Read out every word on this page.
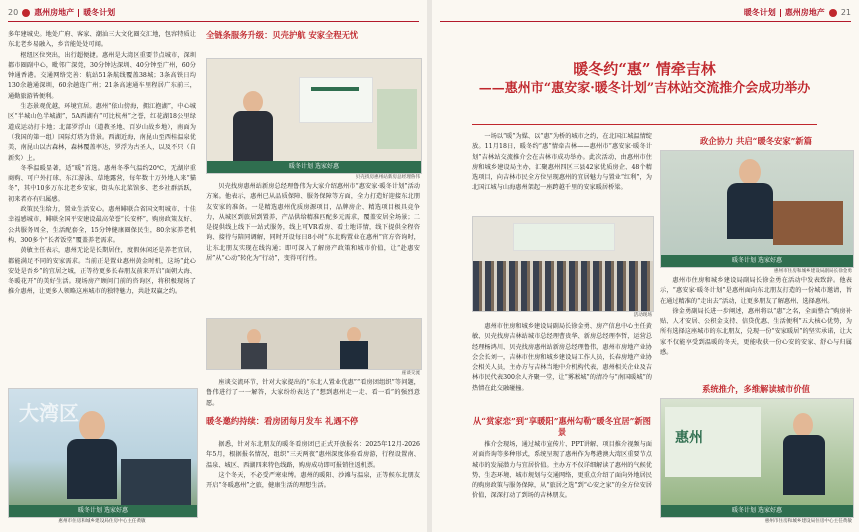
20 惠州房地产 暖冬计划

多年建城史。地处广府、客家、潮汕三大文化圈交汇地，包容特质让东北老乡易融入，乡音能处处可闻。

枢纽区位突出，出行超便捷。惠州是大湾区重要节点城市，深圳都市圈副中心，毗邻广深莞，30分钟达深圳、40分钟至广州，60分钟通香港。交通网络完善：航站51条航线覆盖38城；3条高铁日均130余趟通深圳，60余趟连广州；21条高速通车里程居广东前三，通勤旅游皆便利。

生态景观优越，环境宜居。惠州“依山傍海，拥江抱湖”，中心城区“半城山色半城湖”，5A西湖有“可比杭州”之誉，红花湖18公里绿道成运动打卡地；北部罗浮山（道教圣地、百岁山故乡地），南面为（我国的第一组）国际灯塔为背景。西湖近海，南昆山至西桂温泉优美，南昆山以古森林，森林覆盖率达，罗浮为古圣人，以及不只（自新奖）上。

冬季温暖显著，适“暖”首选。惠州冬季气温约20℃，无湖岸重商购、可户外打球、东江游泳、草地露营，每年数十万外地人来“猫冬”，其中10多万东北老乡安家，街头东北菜馆多、老乡社群活跃，初来者亦有归属感。

政策民生给力，置业生活安心。惠州鲱联合省国文明城市、十佳幸福感城市，鲱联全国平安建设最高荣誉“长安杯”，购房政策友好、公共服务周全，生活配套全，15分钟健康圈保民生，80余家养老机构、300多个“长者饭堂”覆盖养老需求。

黄敏主任表示，惠州无论是长期居住，度假休闲还是养老宜居，都能满足不同的安家需求。当前正是置业惠州黄金时机，这场“此心安处是吾乡”的宜居之城，正等待更多长春朋友前来开启“面朝大海、冬暖花开”的美好生活。现场房产顾问门前的咨询区，将积极现场了推介惠州，让更多人领略这座城市的独特魅力，共赴双赢之约。

大湾区
暖冬计划 选家好惠
惠州市住房和城乡建设局住房中心主任黄敏
全链条服务升级：贝壳护航 安家全程无忧
暖冬计划 选家好惠
贝壳找房惠州站新房总经理鲁伟

贝壳找房惠州站新房总经理鲁伟为大家介绍惠州市“惠安家·暖冬计划”活动方案。他表示，惠州已从品质保障、服务保障等方面，全力打造好迎接东北朋友安家的准备。一是精选惠州优质房源项目，品牌房企、精选项目极具竞争力，从城区到旅居到置养，产品供给精准匹配多元需求，覆盖安居全场景；二是提供线上线下一站式服务，线上可VR看房、看土地详情，线下提供全程咨询、接待与陪同调解，同时开设每日8小时“东北购置业在惠州”官方咨询时，让东北朋友实现在线沟通；即可深入了解房产政策和城市价值，让“赴惠安居”从“心动”转化为“行动”，变得可行性。

座谈交流

座谈交流环节，针对大家提出的“东北人置业优惠”“看房团组织”等问题，鲁伟进行了一一解答，大家纷纷表达了“想到惠州走一走、看一看”的强烈意愿。

暖冬邀约持续：看房团每月发车 礼遇不停

据悉，针对东北朋友的暖冬看房团已正式开放报名：2025年12月-2026年5月，根据报名情况，组织“三天两夜”惠州深度体验看房游，行程设置南、温泉、城区、西湖四来特色线路，购房成功即可报销往返机票。

这个冬天，不必受严寒束缚。惠州的暖阳、沙滩与温泉，正等候东北朋友开启“冬暖惠州”之旅，健康生活的理想生活。

暖冬计划 惠州房地产 21
暖冬约“惠” 情牵吉林
——惠州市“惠安家·暖冬计划”吉林站交流推介会成功举办

一场以“暖”为媒、以“惠”为桥的城市之约，在北国江城温情绽放。11月18日，暖冬约“惠”情牵吉林——惠州市“惠安家·暖冬计划”吉林站交流推介会在吉林市成功举办。此次活动，由惠州市住房和城乡建设局主办，汇聚惠州四区三县42家优质房企、48个精选项目，向吉林市民全方位呈现惠州的宜居魅力与置业“红利”，为北国江城与山海惠州架起一座跨越千里的安家暖居桥梁。

活动现场

惠州市住房和城乡建设局副局长徐金勇、房产信息中心主任黄敏、贝壳找房吉林站城市总经理曹贵华、新房总经理李哲，运营总经理杨鸿川、贝壳找房惠州站新房总经理鲁伟，惠州市房地产业协会会长刘一，吉林市住房和城乡建设局工作人员，长春房地产业协会相关人员，主办方与吉林当地中介机构代表，惠州相关企业及吉林市民代表300余人齐聚一堂，让“雾凇城”的清冷与“南国暖城”的热情在此交融碰撞。

从“赏家恋”到“享暖阳”惠州勾勒“暖冬宜居”新图景

推介会现场，通过城市宣传片、PPT讲解、项目推介视频与面对面咨询等多种形式，系统呈现了惠州作为粤港澳大湾区重要节点城市的发展潜力与宜居价值。主办方不仅详细解读了惠州的气候优势、生态环境、城市规划与交通网络，更重点介绍了面向外地居民的购房政策与服务保障，从“旅居之选”到“心安之家”的全方位安居价值，深深打动了到场的吉林朋友。

政企协力 共启“暖冬安家”新篇
暖冬计划 选家好惠
惠州市住房和城乡建设局副局长徐金勇

惠州市住房和城乡建设局副局长徐金勇在活动中发表致辞。他表示，“惠安家·暖冬计划”是惠州面向东北朋友打造的一份城市邀请，旨在通过精准的“走出去”活动，让更多朋友了解惠州、选择惠州。

徐金勇副局长进一步阐述，惠州将以“惠”之名，全面整合“购房补贴、人才安居、公积金支持、信贷优惠、生活便利”五大核心优势，为所有选择这座城市的东北朋友，兑现一份“安家暖居”的坚实承诺，让大家不仅能享受到温暖的冬天，更能收获一份心安的安家、舒心与归属感。

系统推介，多维解读城市价值
惠州
暖冬计划 选家好惠
惠州市住房和城乡建设局住房中心主任黄敏
